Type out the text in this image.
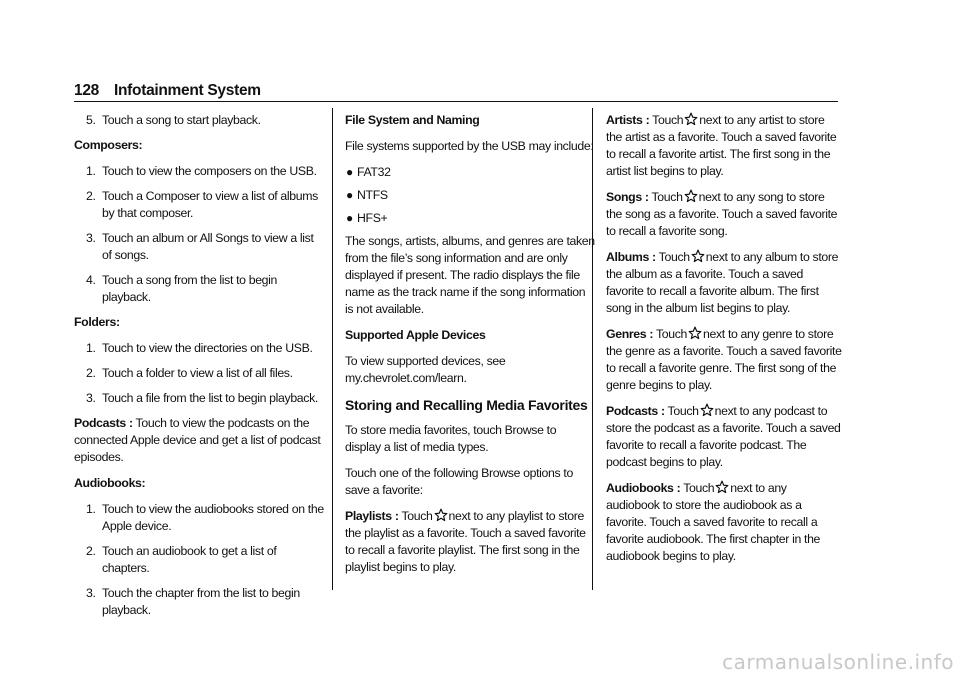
128 Infotainment System
5. Touch a song to start playback.
Composers:
1. Touch to view the composers on the USB.
2. Touch a Composer to view a list of albums by that composer.
3. Touch an album or All Songs to view a list of songs.
4. Touch a song from the list to begin playback.
Folders:
1. Touch to view the directories on the USB.
2. Touch a folder to view a list of all files.
3. Touch a file from the list to begin playback.
Podcasts : Touch to view the podcasts on the connected Apple device and get a list of podcast episodes.
Audiobooks:
1. Touch to view the audiobooks stored on the Apple device.
2. Touch an audiobook to get a list of chapters.
3. Touch the chapter from the list to begin playback.
File System and Naming
File systems supported by the USB may include:
● FAT32
● NTFS
● HFS+
The songs, artists, albums, and genres are taken from the file’s song information and are only displayed if present. The radio displays the file name as the track name if the song information is not available.
Supported Apple Devices
To view supported devices, see my.chevrolet.com/learn.
Storing and Recalling Media Favorites
To store media favorites, touch Browse to display a list of media types.
Touch one of the following Browse options to save a favorite:
Playlists : Touch next to any playlist to store the playlist as a favorite. Touch a saved favorite to recall a favorite playlist. The first song in the playlist begins to play.
Artists : Touch next to any artist to store the artist as a favorite. Touch a saved favorite to recall a favorite artist. The first song in the artist list begins to play.
Songs : Touch next to any song to store the song as a favorite. Touch a saved favorite to recall a favorite song.
Albums : Touch next to any album to store the album as a favorite. Touch a saved favorite to recall a favorite album. The first song in the album list begins to play.
Genres : Touch next to any genre to store the genre as a favorite. Touch a saved favorite to recall a favorite genre. The first song of the genre begins to play.
Podcasts : Touch next to any podcast to store the podcast as a favorite. Touch a saved favorite to recall a favorite podcast. The podcast begins to play.
Audiobooks : Touch next to any audiobook to store the audiobook as a favorite. Touch a saved favorite to recall a favorite audiobook. The first chapter in the audiobook begins to play.
carmanualsonline.info
